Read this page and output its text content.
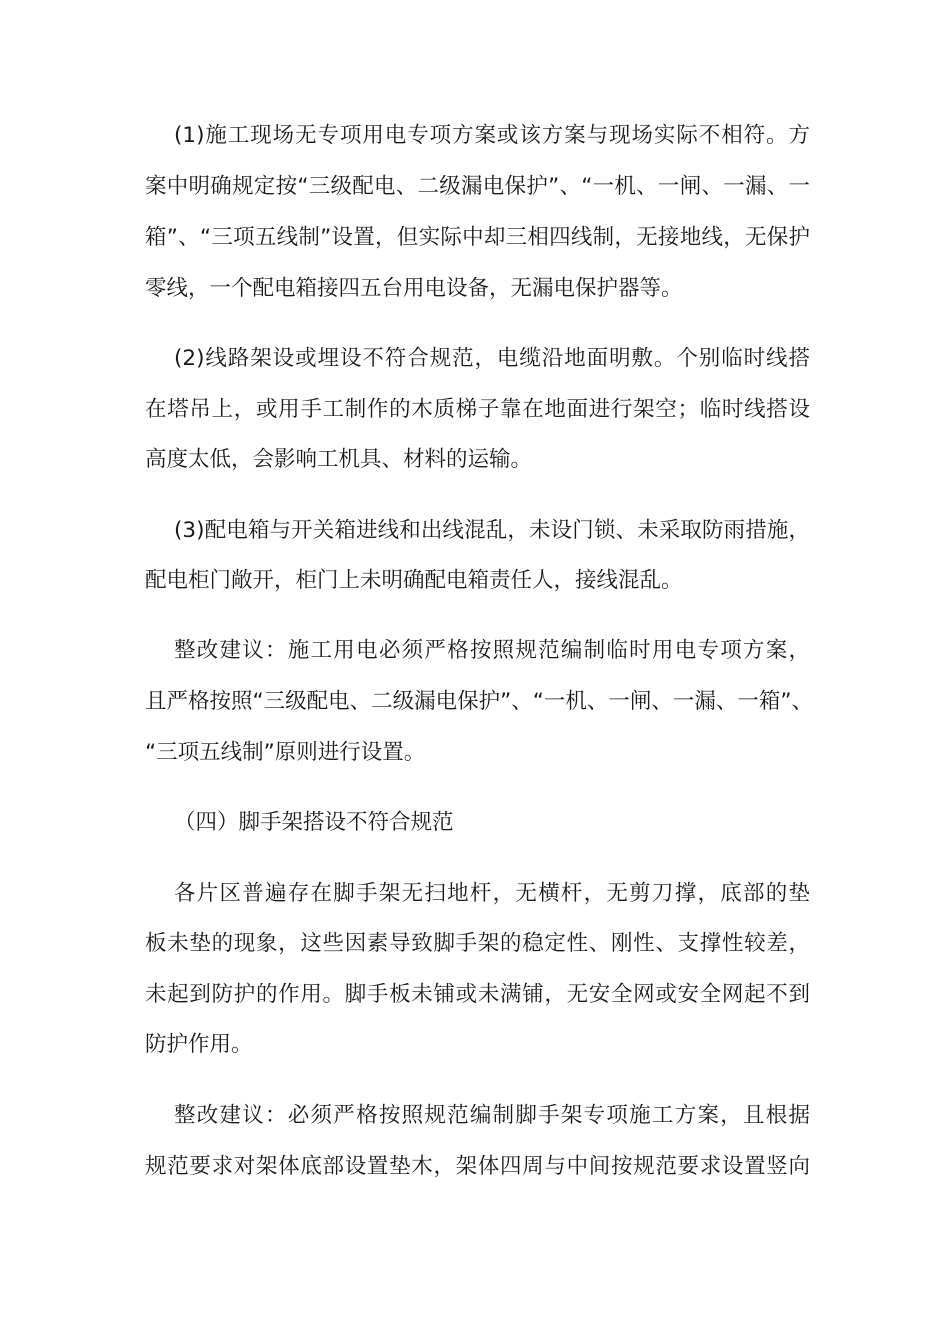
(1)施工现场无专项用电专项方案或该方案与现场实际不相符。方
案中明确规定按“三级配电、二级漏电保护”、“一机、一闸、一漏、一
箱”、“三项五线制”设置，但实际中却三相四线制，无接地线，无保护
零线，一个配电箱接四五台用电设备，无漏电保护器等。
(2)线路架设或埋设不符合规范，电缆沿地面明敷。个别临时线搭
在塔吊上，或用手工制作的木质梯子靠在地面进行架空；临时线搭设
高度太低，会影响工机具、材料的运输。
(3)配电箱与开关箱进线和出线混乱，未设门锁、未采取防雨措施，
配电柜门敞开，柜门上未明确配电箱责任人，接线混乱。
整改建议：施工用电必须严格按照规范编制临时用电专项方案，
且严格按照“三级配电、二级漏电保护”、“一机、一闸、一漏、一箱”、
“三项五线制”原则进行设置。
（四）脚手架搭设不符合规范
各片区普遍存在脚手架无扫地杆，无横杆，无剪刀撑，底部的垫
板未垫的现象，这些因素导致脚手架的稳定性、刚性、支撑性较差，
未起到防护的作用。脚手板未铺或未满铺，无安全网或安全网起不到
防护作用。
整改建议：必须严格按照规范编制脚手架专项施工方案，且根据
规范要求对架体底部设置垫木，架体四周与中间按规范要求设置竖向
